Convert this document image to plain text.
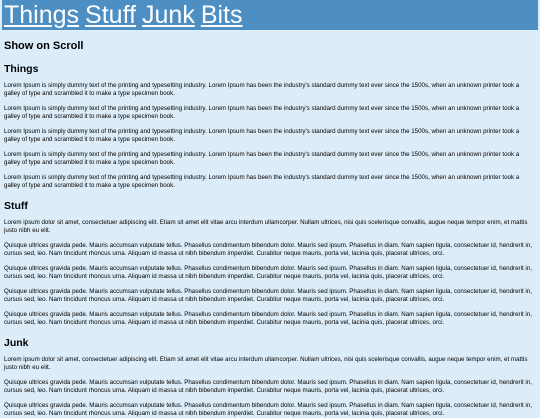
Things Stuff Junk Bits
Show on Scroll
Things

Lorem Ipsum is simply dummy text of the printing and typesetting industry. Lorem Ipsum has been the industry's standard dummy text ever since the 1500s, when an unknown printer took a galley of type and scrambled it to make a type specimen book.

Lorem Ipsum is simply dummy text of the printing and typesetting industry. Lorem Ipsum has been the industry's standard dummy text ever since the 1500s, when an unknown printer took a galley of type and scrambled it to make a type specimen book.

Lorem Ipsum is simply dummy text of the printing and typesetting industry. Lorem Ipsum has been the industry's standard dummy text ever since the 1500s, when an unknown printer took a galley of type and scrambled it to make a type specimen book.

Lorem Ipsum is simply dummy text of the printing and typesetting industry. Lorem Ipsum has been the industry's standard dummy text ever since the 1500s, when an unknown printer took a galley of type and scrambled it to make a type specimen book.

Lorem Ipsum is simply dummy text of the printing and typesetting industry. Lorem Ipsum has been the industry's standard dummy text ever since the 1500s, when an unknown printer took a galley of type and scrambled it to make a type specimen book.

Stuff

Lorem ipsum dolor sit amet, consectetuer adipiscing elit. Etiam sit amet elit vitae arcu interdum ullamcorper. Nullam ultrices, nisi quis scelerisque convallis, augue neque tempor enim, et mattis justo nibh eu elit.

Quisque ultrices gravida pede. Mauris accumsan vulputate tellus. Phasellus condimentum bibendum dolor. Mauris sed ipsum. Phasellus in diam. Nam sapien ligula, consectetuer id, hendrerit in, cursus sed, leo. Nam tincidunt rhoncus urna. Aliquam id massa ut nibh bibendum imperdiet. Curabitur neque mauris, porta vel, lacinia quis, placerat ultrices, orci.

Quisque ultrices gravida pede. Mauris accumsan vulputate tellus. Phasellus condimentum bibendum dolor. Mauris sed ipsum. Phasellus in diam. Nam sapien ligula, consectetuer id, hendrerit in, cursus sed, leo. Nam tincidunt rhoncus urna. Aliquam id massa ut nibh bibendum imperdiet. Curabitur neque mauris, porta vel, lacinia quis, placerat ultrices, orci.

Quisque ultrices gravida pede. Mauris accumsan vulputate tellus. Phasellus condimentum bibendum dolor. Mauris sed ipsum. Phasellus in diam. Nam sapien ligula, consectetuer id, hendrerit in, cursus sed, leo. Nam tincidunt rhoncus urna. Aliquam id massa ut nibh bibendum imperdiet. Curabitur neque mauris, porta vel, lacinia quis, placerat ultrices, orci.

Quisque ultrices gravida pede. Mauris accumsan vulputate tellus. Phasellus condimentum bibendum dolor. Mauris sed ipsum. Phasellus in diam. Nam sapien ligula, consectetuer id, hendrerit in, cursus sed, leo. Nam tincidunt rhoncus urna. Aliquam id massa ut nibh bibendum imperdiet. Curabitur neque mauris, porta vel, lacinia quis, placerat ultrices, orci.

Junk

Lorem ipsum dolor sit amet, consectetuer adipiscing elit. Etiam sit amet elit vitae arcu interdum ullamcorper. Nullam ultrices, nisi quis scelerisque convallis, augue neque tempor enim, et mattis justo nibh eu elit.

Quisque ultrices gravida pede. Mauris accumsan vulputate tellus. Phasellus condimentum bibendum dolor. Mauris sed ipsum. Phasellus in diam. Nam sapien ligula, consectetuer id, hendrerit in, cursus sed, leo. Nam tincidunt rhoncus urna. Aliquam id massa ut nibh bibendum imperdiet. Curabitur neque mauris, porta vel, lacinia quis, placerat ultrices, orci.

Quisque ultrices gravida pede. Mauris accumsan vulputate tellus. Phasellus condimentum bibendum dolor. Mauris sed ipsum. Phasellus in diam. Nam sapien ligula, consectetuer id, hendrerit in, cursus sed, leo. Nam tincidunt rhoncus urna. Aliquam id massa ut nibh bibendum imperdiet. Curabitur neque mauris, porta vel, lacinia quis, placerat ultrices, orci.
